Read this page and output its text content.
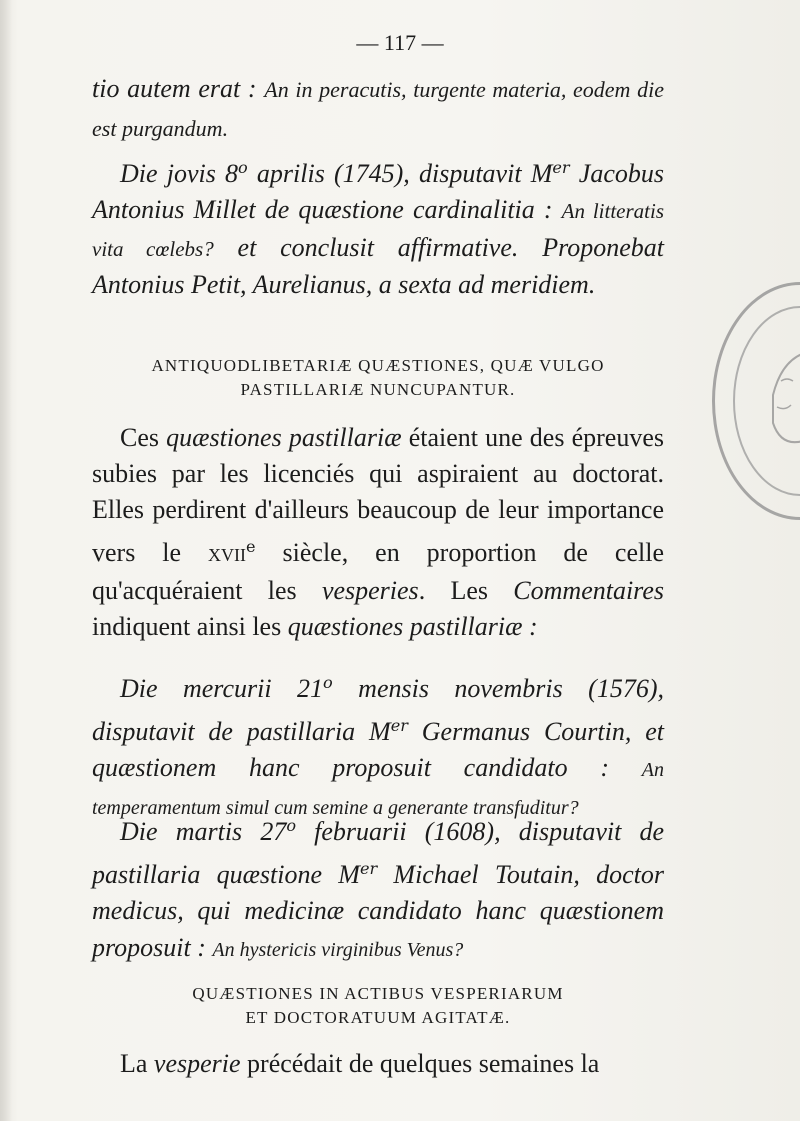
— 117 —

tio autem erat : An in peracutis, turgente materia, eodem die est purgandum.

Die jovis 8$^o$ aprilis (1745), disputavit Mer Jacobus Antonius Millet de quæstione cardinalitia : An litteratis vita cœlebs? et conclusit affirmative. Proponebat Antonius Petit, Aurelianus, a sexta ad meridiem.

ANTIQUODLIBETARIÆ QUÆSTIONES, QUÆ VULGO
PASTILLARIÆ NUNCUPANTUR.

Ces quæstiones pastillariæ étaient une des épreuves subies par les licenciés qui aspiraient au doctorat. Elles perdirent d'ailleurs beaucoup de leur importance vers le XVIIe siècle, en proportion de celle qu'acquéraient les vesperies. Les Commentaires indiquent ainsi les quæstiones pastillariæ :

Die mercurii 21$^o$ mensis novembris (1576), disputavit de pastillaria Mer Germanus Courtin, et quæstionem hanc proposuit candidato : An temperamentum simul cum semine a generante transfuditur?

Die martis 27$^o$ februarii (1608), disputavit de pastillaria quæstione Mer Michael Toutain, doctor medicus, qui medicinæ candidato hanc quæstionem proposuit : An hystericis virginibus Venus?

QUÆSTIONES IN ACTIBUS VESPERIARUM
ET DOCTORATUUM AGITATÆ.

La vesperie précédait de quelques semaines la
